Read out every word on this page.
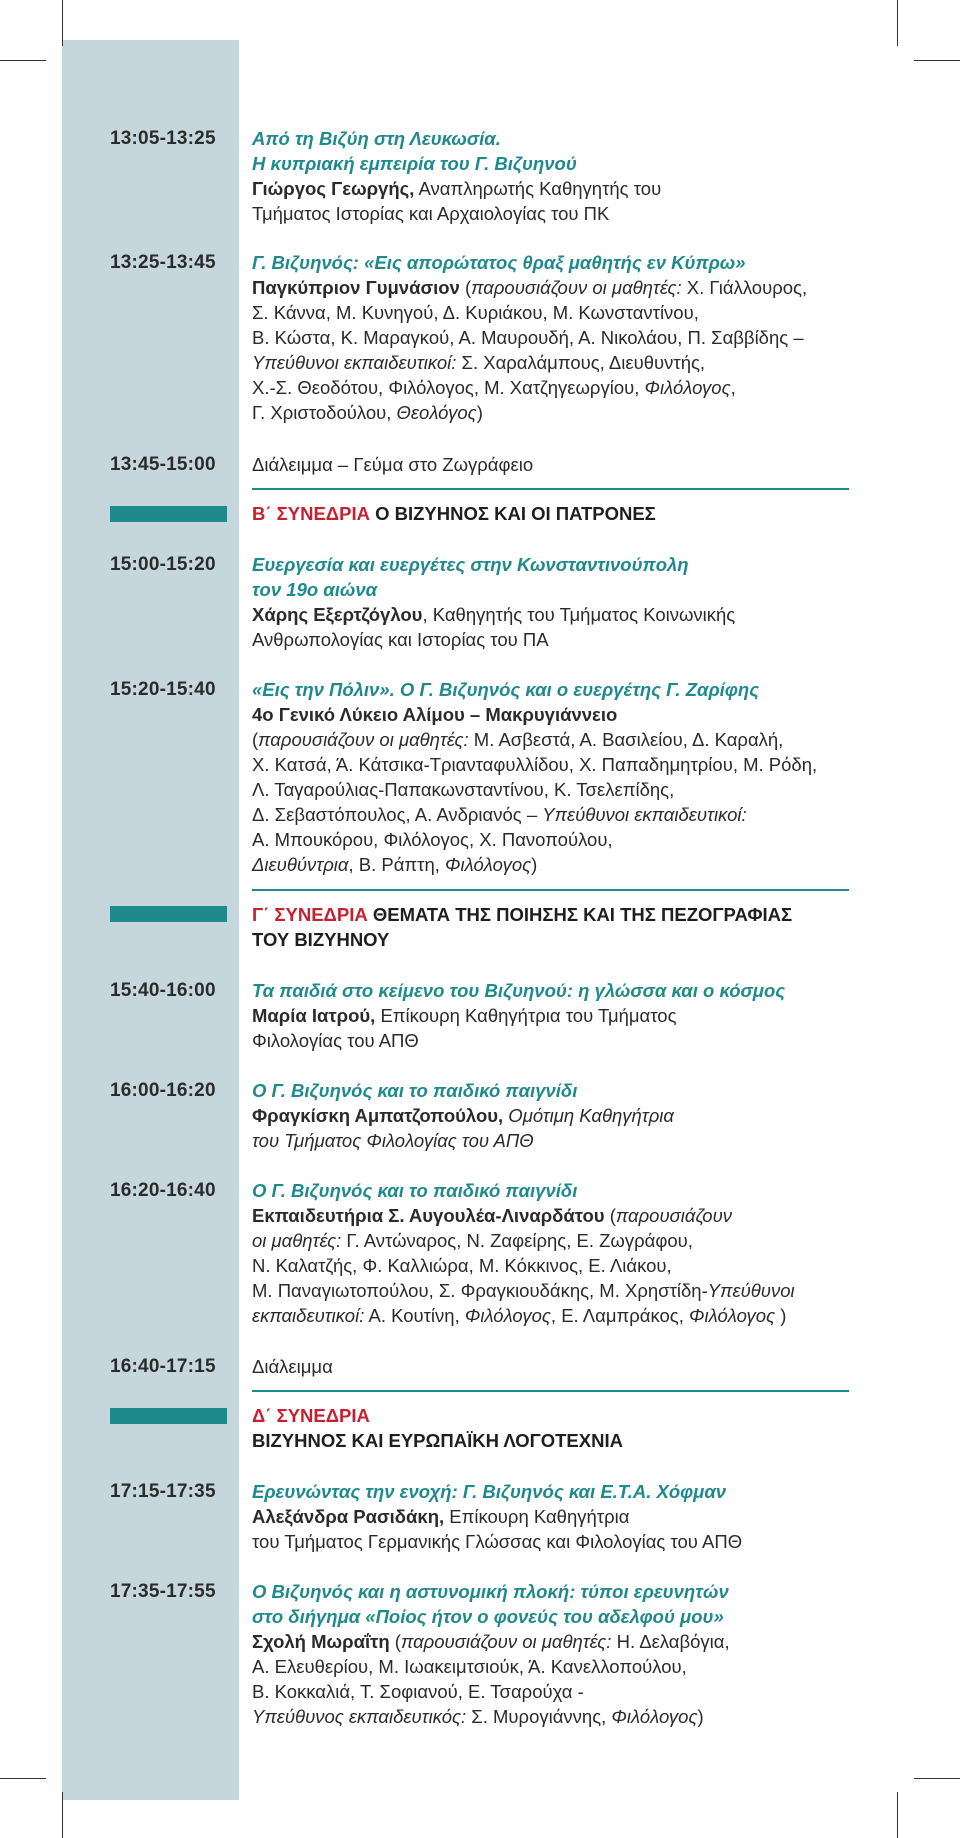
13:05-13:25 Από τη Βιζύη στη Λευκωσία.
Η κυπριακή εμπειρία του Γ. Βιζυηνού
Γιώργος Γεωργής, Αναπληρωτής Καθηγητής του
Τμήματος Ιστορίας και Αρχαιολογίας του ΠΚ
13:25-13:45 Γ. Βιζυηνός: «Εις απορώτατος θραξ μαθητής εν Κύπρω»
Παγκύπριον Γυμνάσιον (παρουσιάζουν οι μαθητές: Χ. Γιάλλουρος,
Σ. Κάννα, Μ. Κυνηγού, Δ. Κυριάκου, Μ. Κωνσταντίνου,
Β. Κώστα, Κ. Μαραγκού, Α. Μαυρουδή, Α. Νικολάου, Π. Σαββίδης –
Υπεύθυνοι εκπαιδευτικοί: Σ. Χαραλάμπους, Διευθυντής,
Χ.-Σ. Θεοδότου, Φιλόλογος, Μ. Χατζηγεωργίου, Φιλόλογος,
Γ. Χριστοδούλου, Θεολόγος)
13:45-15:00 Διάλειμμα – Γεύμα στο Ζωγράφειο
Β΄ ΣΥΝΕΔΡΙΑ Ο ΒΙΖΥΗΝΟΣ ΚΑΙ ΟΙ ΠΑΤΡΟΝΕΣ
15:00-15:20 Ευεργεσία και ευεργέτες στην Κωνσταντινούπολη
τον 19ο αιώνα
Χάρης Εξερτζόγλου, Καθηγητής του Τμήματος Κοινωνικής
Ανθρωπολογίας και Ιστορίας του ΠΑ
15:20-15:40 «Εις την Πόλιν». Ο Γ. Βιζυηνός και ο ευεργέτης Γ. Ζαρίφης
4ο Γενικό Λύκειο Αλίμου – Μακρυγιάννειο
(παρουσιάζουν οι μαθητές: Μ. Ασβεστά, Α. Βασιλείου, Δ. Καραλή,
Χ. Κατσά, Ά. Κάτσικα-Τριανταφυλλίδου, Χ. Παπαδημητρίου, Μ. Ρόδη,
Λ. Ταγαρούλιας-Παπακωνσταντίνου, Κ. Τσελεπίδης,
Δ. Σεβαστόπουλος, Α. Ανδριανός – Υπεύθυνοι εκπαιδευτικοί:
Α. Μπουκόρου, Φιλόλογος, Χ. Πανοπούλου,
Διευθύντρια, Β. Ράπτη, Φιλόλογος)
Γ΄ ΣΥΝΕΔΡΙΑ ΘΕΜΑΤΑ ΤΗΣ ΠΟΙΗΣΗΣ ΚΑΙ ΤΗΣ ΠΕΖΟΓΡΑΦΙΑΣ
ΤΟΥ ΒΙΖΥΗΝΟΥ
15:40-16:00 Τα παιδιά στο κείμενο του Βιζυηνού: η γλώσσα και ο κόσμος
Μαρία Ιατρού, Επίκουρη Καθηγήτρια του Τμήματος
Φιλολογίας του ΑΠΘ
16:00-16:20 Ο Γ. Βιζυηνός και το παιδικό παιγνίδι
Φραγκίσκη Αμπατζοπούλου, Ομότιμη Καθηγήτρια
του Τμήματος Φιλολογίας του ΑΠΘ
16:20-16:40 Ο Γ. Βιζυηνός και το παιδικό παιγνίδι
Εκπαιδευτήρια Σ. Αυγουλέα-Λιναρδάτου (παρουσιάζουν
οι μαθητές: Γ. Αντώναρος, Ν. Ζαφείρης, Ε. Ζωγράφου,
Ν. Καλατζής, Φ. Καλλιώρα, Μ. Κόκκινος, Ε. Λιάκου,
Μ. Παναγιωτοπούλου, Σ. Φραγκιουδάκης, Μ. Χρηστίδη-Υπεύθυνοι
εκπαιδευτικοί: Α. Κουτίνη, Φιλόλογος, Ε. Λαμπράκος, Φιλόλογος )
16:40-17:15 Διάλειμμα
Δ΄ ΣΥΝΕΔΡΙΑ
ΒΙΖΥΗΝΟΣ ΚΑΙ ΕΥΡΩΠΑΪΚΗ ΛΟΓΟΤΕΧΝΙΑ
17:15-17:35 Ερευνώντας την ενοχή: Γ. Βιζυηνός και Ε.Τ.Α. Χόφμαν
Αλεξάνδρα Ρασιδάκη, Επίκουρη Καθηγήτρια
του Τμήματος Γερμανικής Γλώσσας και Φιλολογίας του ΑΠΘ
17:35-17:55 Ο Βιζυηνός και η αστυνομική πλοκή: τύποι ερευνητών
στο διήγημα «Ποίος ήτον ο φονεύς του αδελφού μου»
Σχολή Μωραΐτη (παρουσιάζουν οι μαθητές: Η. Δελαβόγια,
Α. Ελευθερίου, Μ. Ιωακειμτσιούκ, Ά. Κανελλοπούλου,
Β. Κοκκαλιά, Τ. Σοφιανού, Ε. Τσαρούχα -
Υπεύθυνος εκπαιδευτικός: Σ. Μυρογιάννης, Φιλόλογος)
